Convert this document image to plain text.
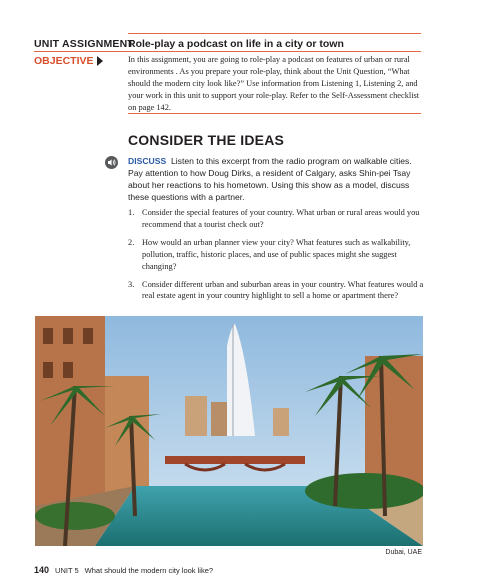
UNIT ASSIGNMENT
Role-play a podcast on life in a city or town
OBJECTIVE	In this assignment, you are going to role-play a podcast on features of urban or rural environments . As you prepare your role-play, think about the Unit Question, “What should the modern city look like?” Use information from Listening 1, Listening 2, and your work in this unit to support your role-play. Refer to the Self-Assessment checklist on page 142.
CONSIDER THE IDEAS
DISCUSS Listen to this excerpt from the radio program on walkable cities. Pay attention to how Doug Dirks, a resident of Calgary, asks Shin-pei Tsay about her reactions to his hometown. Using this show as a model, discuss these questions with a partner.
1. Consider the special features of your country. What urban or rural areas would you recommend that a tourist check out?
2. How would an urban planner view your city? What features such as walkability, pollution, traffic, historic places, and use of public spaces might she suggest changing?
3. Consider different urban and suburban areas in your country. What features would a real estate agent in your country highlight to sell a home or apartment there?
Dubai, UAE
140 UNIT 5 What should the modern city look like?
